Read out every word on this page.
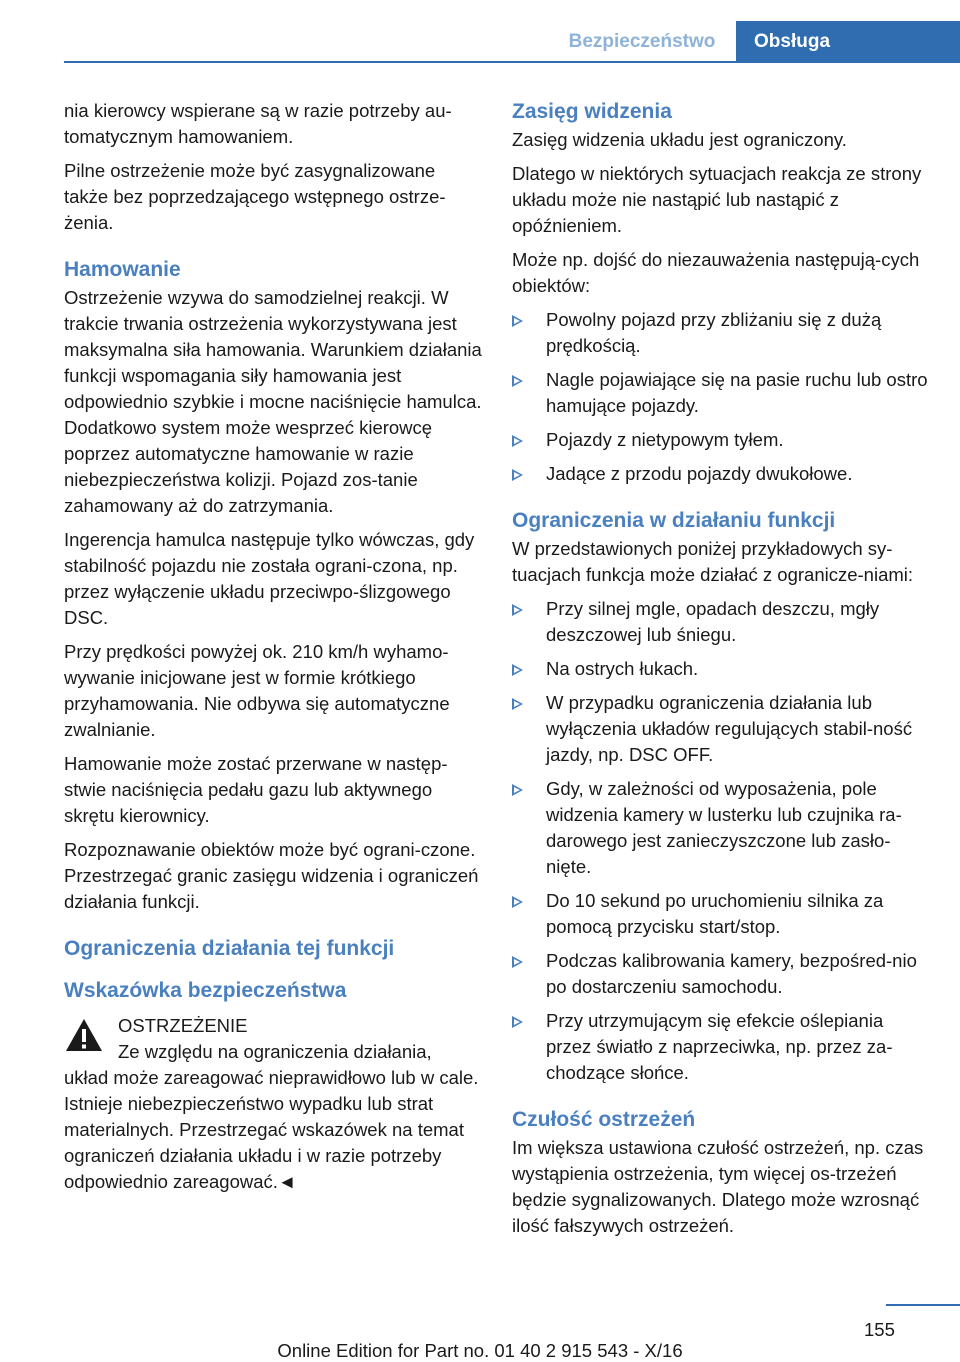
Bezpieczeństwo	Obsługa

nia kierowcy wspierane są w razie potrzeby au-tomatycznym hamowaniem.

Pilne ostrzeżenie może być zasygnalizowane także bez poprzedzającego wstępnego ostrze-żenia.

Hamowanie

Ostrzeżenie wzywa do samodzielnej reakcji. W trakcie trwania ostrzeżenia wykorzystywana jest maksymalna siła hamowania. Warunkiem działania funkcji wspomagania siły hamowania jest odpowiednio szybkie i mocne naciśnięcie hamulca. Dodatkowo system może wesprzeć kierowcę poprzez automatyczne hamowanie w razie niebezpieczeństwa kolizji. Pojazd zos-tanie zahamowany aż do zatrzymania.

Ingerencja hamulca następuje tylko wówczas, gdy stabilność pojazdu nie została ograni-czona, np. przez wyłączenie układu przeciwpo-ślizgowego DSC.

Przy prędkości powyżej ok. 210 km/h wyhamo-wywanie inicjowane jest w formie krótkiego przyhamowania. Nie odbywa się automatyczne zwalnianie.

Hamowanie może zostać przerwane w następ-stwie naciśnięcia pedału gazu lub aktywnego skrętu kierownicy.

Rozpoznawanie obiektów może być ograni-czone. Przestrzegać granic zasięgu widzenia i ograniczeń działania funkcji.

Ograniczenia działania tej funkcji
Wskazówka bezpieczeństwa
OSTRZEŻENIE
Ze względu na ograniczenia działania,
układ może zareagować nieprawidłowo lub w cale. Istnieje niebezpieczeństwo wypadku lub strat materialnych. Przestrzegać wskazówek na temat ograniczeń działania układu i w razie potrzeby odpowiednio zareagować.◄
Zasięg widzenia

Zasięg widzenia układu jest ograniczony.

Dlatego w niektórych sytuacjach reakcja ze strony układu może nie nastąpić lub nastąpić z opóźnieniem.

Może np. dojść do niezauważenia następują-cych obiektów:

Powolny pojazd przy zbliżaniu się z dużą prędkością.
Nagle pojawiające się na pasie ruchu lub ostro hamujące pojazdy.
Pojazdy z nietypowym tyłem.
Jadące z przodu pojazdy dwukołowe.
Ograniczenia w działaniu funkcji

W przedstawionych poniżej przykładowych sy-tuacjach funkcja może działać z ograniczе-niami:

Przy silnej mgle, opadach deszczu, mgły deszczowej lub śniegu.
Na ostrych łukach.
W przypadku ograniczenia działania lub wyłączenia układów regulujących stabil-ność jazdy, np. DSC OFF.
Gdy, w zależności od wyposażenia, pole widzenia kamery w lusterku lub czujnika ra-darowego jest zanieczyszczone lub zasło-nięte.
Do 10 sekund po uruchomieniu silnika za pomocą przycisku start/stop.
Podczas kalibrowania kamery, bezpośred-nio po dostarczeniu samochodu.
Przy utrzymującym się efekcie oślepiania przez światło z naprzeciwka, np. przez za-chodzące słońce.
Czułość ostrzeżeń

Im większa ustawiona czułość ostrzeżeń, np. czas wystąpienia ostrzeżenia, tym więcej os-trzeżeń będzie sygnalizowanych. Dlatego może wzrosnąć ilość fałszywych ostrzeżeń.

155
Online Edition for Part no. 01 40 2 915 543 - X/16
